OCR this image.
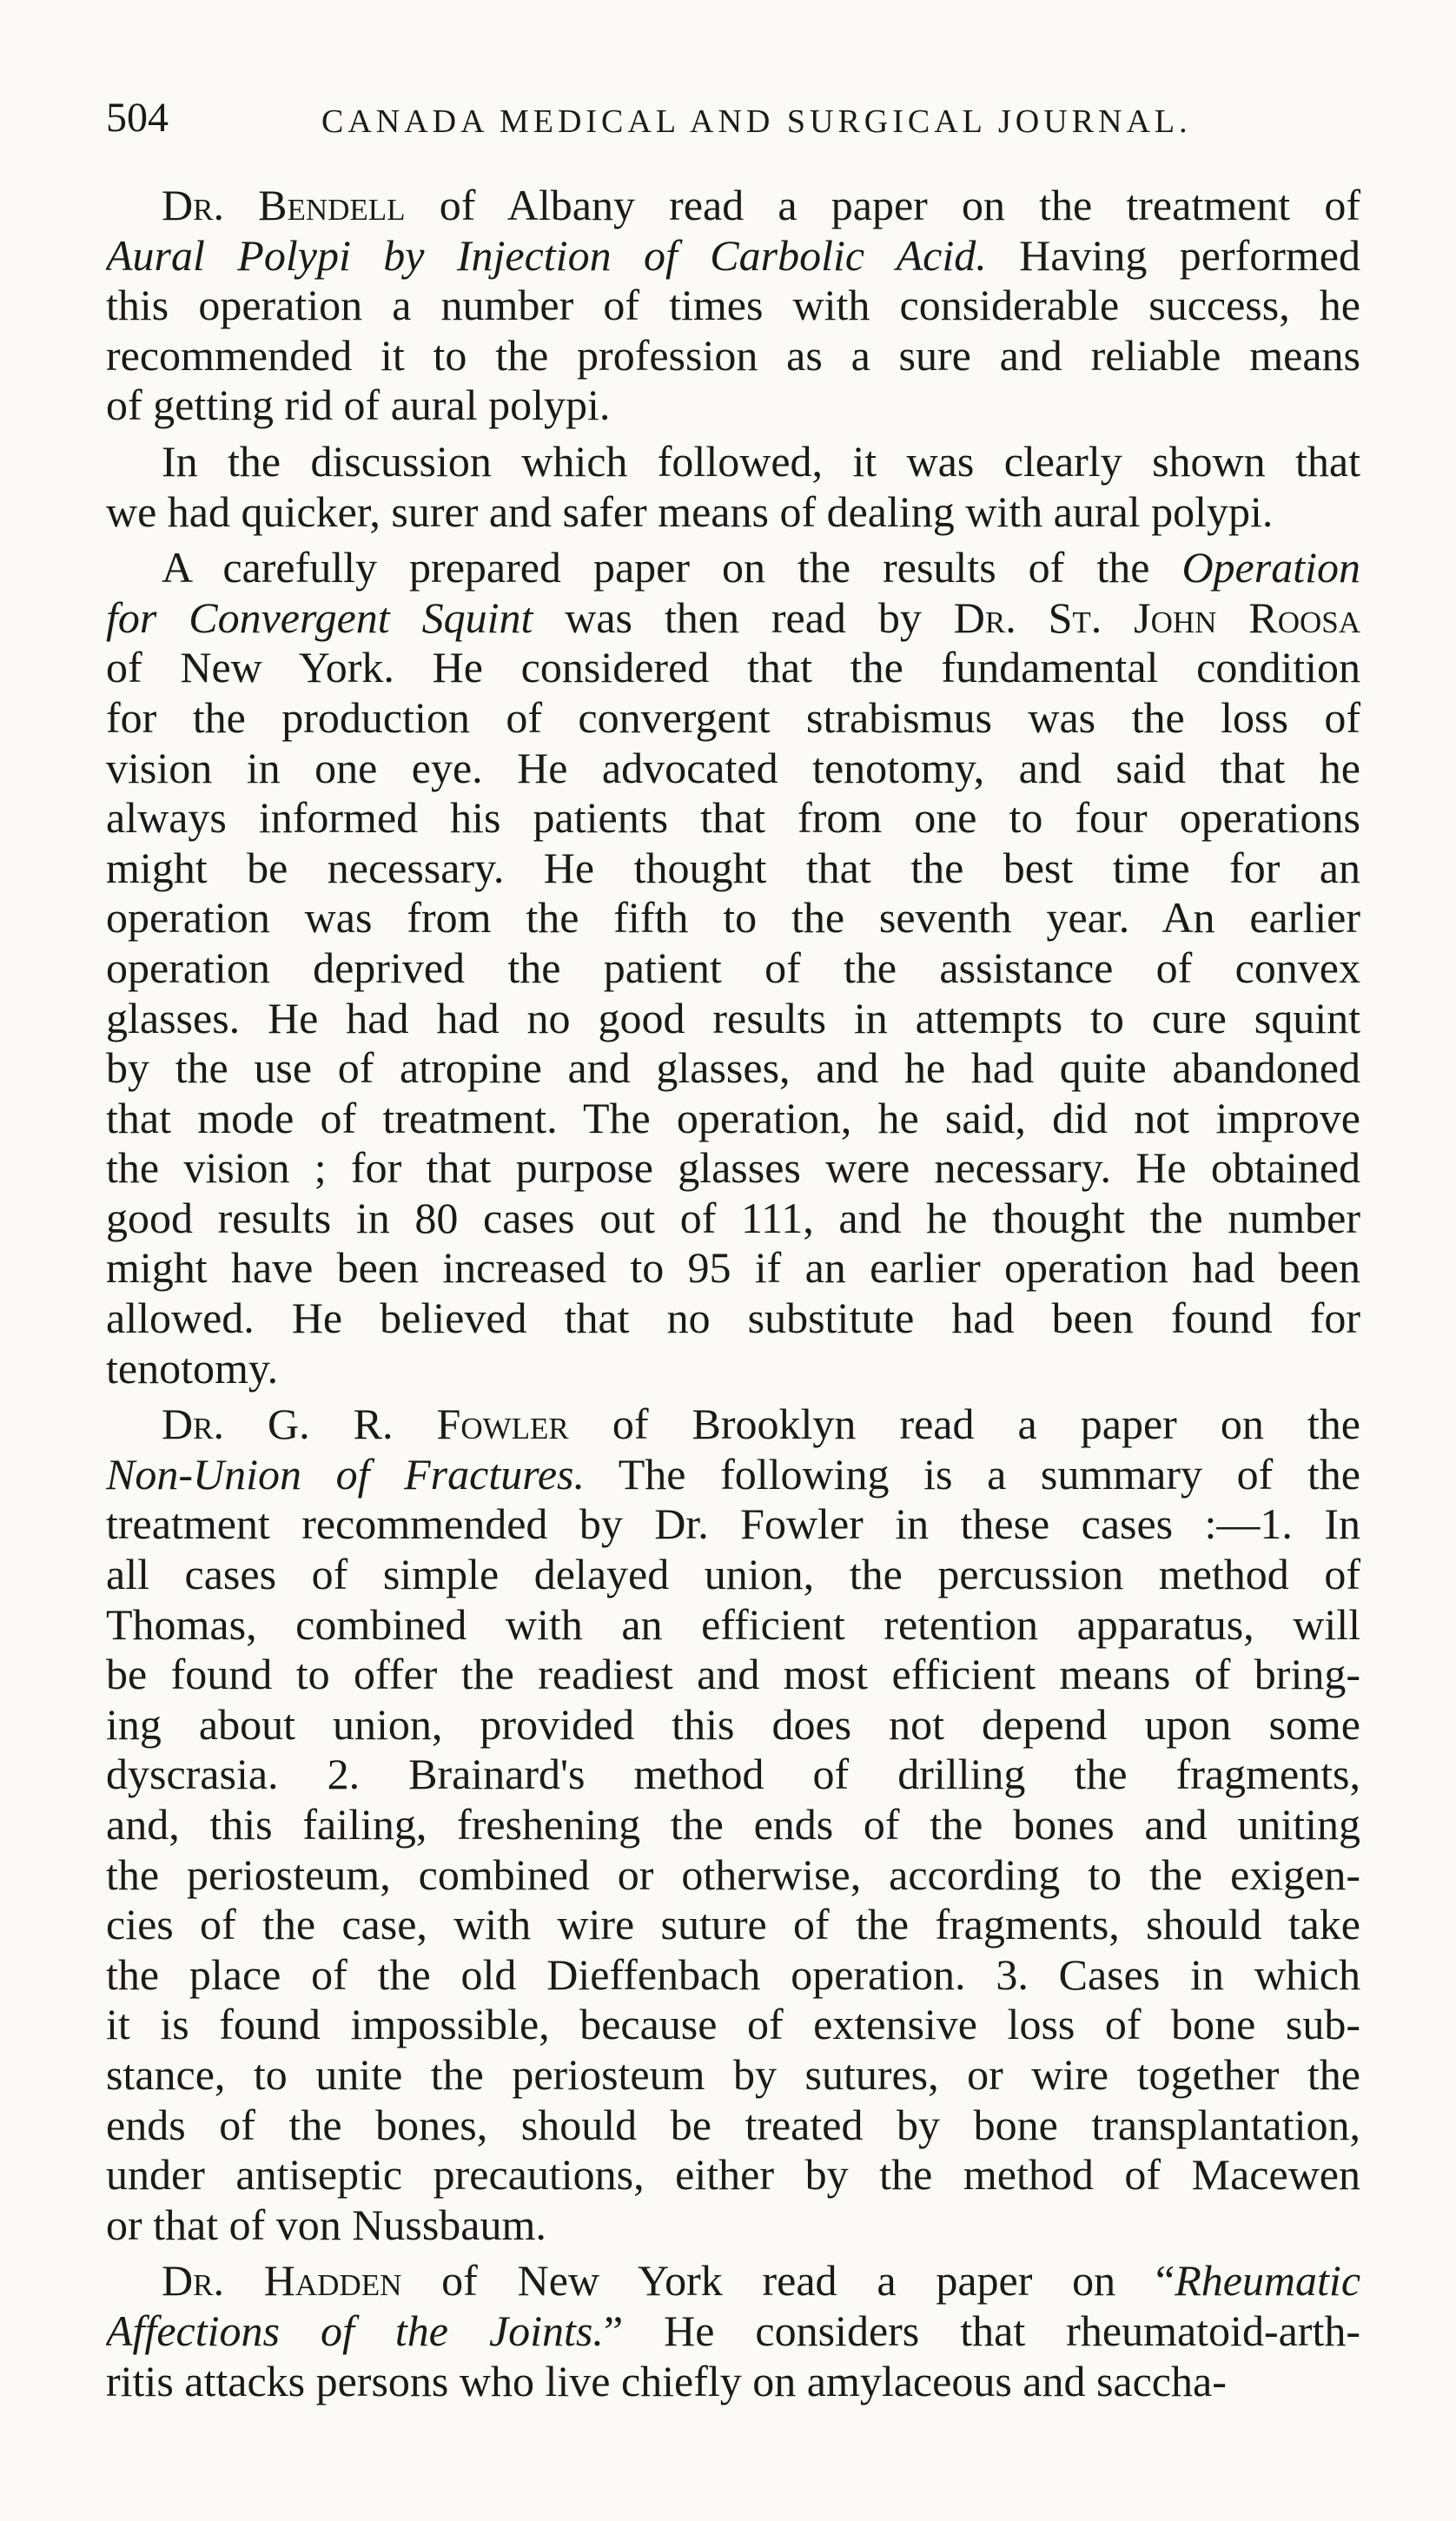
504	CANADA MEDICAL AND SURGICAL JOURNAL.
Dr. Bendell of Albany read a paper on the treatment of
Aural Polypi by Injection of Carbolic Acid. Having performed
this operation a number of times with considerable success, he
recommended it to the profession as a sure and reliable means
of getting rid of aural polypi.
In the discussion which followed, it was clearly shown that
we had quicker, surer and safer means of dealing with aural polypi.
A carefully prepared paper on the results of the Operation
for Convergent Squint was then read by Dr. St. John Roosa
of New York. He considered that the fundamental condition
for the production of convergent strabismus was the loss of
vision in one eye. He advocated tenotomy, and said that he
always informed his patients that from one to four operations
might be necessary. He thought that the best time for an
operation was from the fifth to the seventh year. An earlier
operation deprived the patient of the assistance of convex
glasses. He had had no good results in attempts to cure squint
by the use of atropine and glasses, and he had quite abandoned
that mode of treatment. The operation, he said, did not improve
the vision ; for that purpose glasses were necessary. He obtained
good results in 80 cases out of 111, and he thought the number
might have been increased to 95 if an earlier operation had been
allowed. He believed that no substitute had been found for
tenotomy.
Dr. G. R. Fowler of Brooklyn read a paper on the
Non-Union of Fractures. The following is a summary of the
treatment recommended by Dr. Fowler in these cases :—1. In
all cases of simple delayed union, the percussion method of
Thomas, combined with an efficient retention apparatus, will
be found to offer the readiest and most efficient means of bring-
ing about union, provided this does not depend upon some
dyscrasia. 2. Brainard's method of drilling the fragments,
and, this failing, freshening the ends of the bones and uniting
the periosteum, combined or otherwise, according to the exigen-
cies of the case, with wire suture of the fragments, should take
the place of the old Dieffenbach operation. 3. Cases in which
it is found impossible, because of extensive loss of bone sub-
stance, to unite the periosteum by sutures, or wire together the
ends of the bones, should be treated by bone transplantation,
under antiseptic precautions, either by the method of Macewen
or that of von Nussbaum.
Dr. Hadden of New York read a paper on “Rheumatic
Affections of the Joints.” He considers that rheumatoid-arth-
ritis attacks persons who live chiefly on amylaceous and saccha-
